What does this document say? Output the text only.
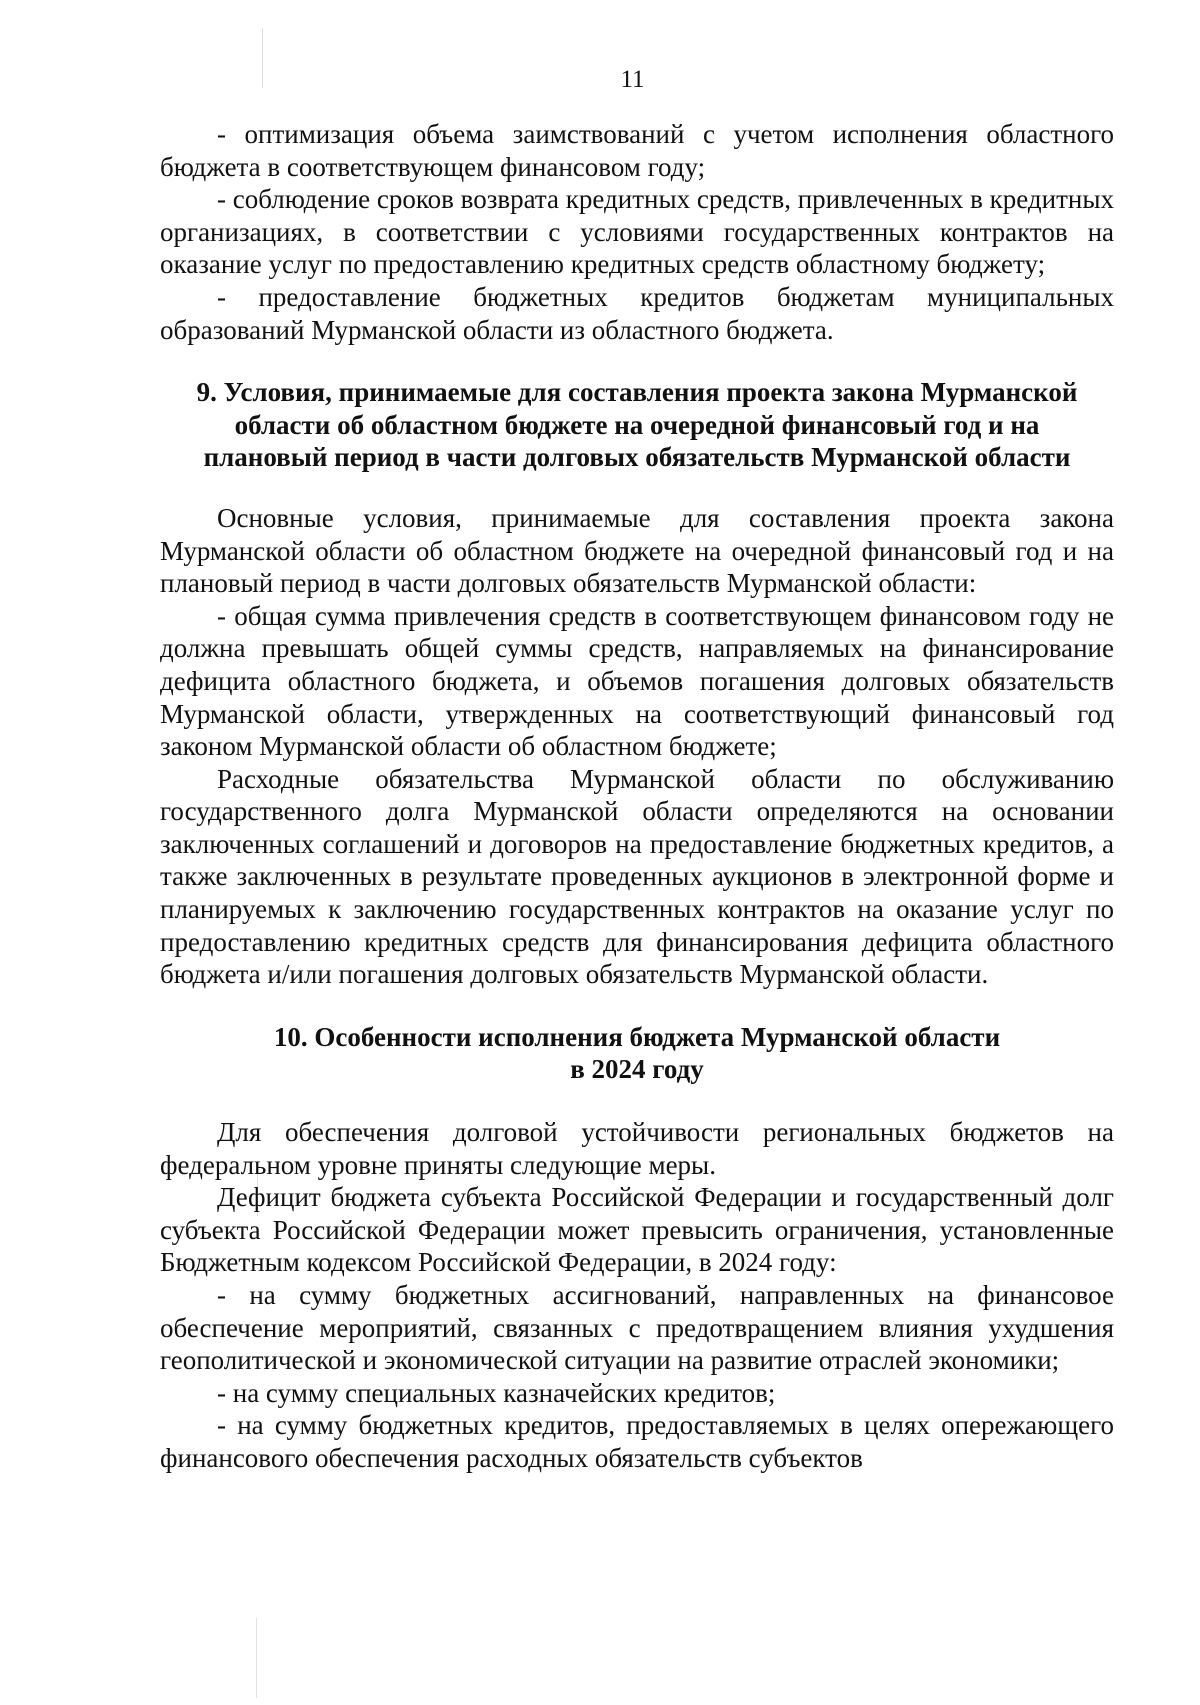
11

- оптимизация объема заимствований с учетом исполнения областного бюджета в соответствующем финансовом году;

- соблюдение сроков возврата кредитных средств, привлеченных в кредитных организациях, в соответствии с условиями государственных контрактов на оказание услуг по предоставлению кредитных средств областному бюджету;

- предоставление бюджетных кредитов бюджетам муниципальных образований Мурманской области из областного бюджета.

9. Условия, принимаемые для составления проекта закона Мурманской
области об областном бюджете на очередной финансовый год и на
плановый период в части долговых обязательств Мурманской области

Основные условия, принимаемые для составления проекта закона Мурманской области об областном бюджете на очередной финансовый год и на плановый период в части долговых обязательств Мурманской области:

- общая сумма привлечения средств в соответствующем финансовом году не должна превышать общей суммы средств, направляемых на финансирование дефицита областного бюджета, и объемов погашения долговых обязательств Мурманской области, утвержденных на соответствующий финансовый год законом Мурманской области об областном бюджете;

Расходные обязательства Мурманской области по обслуживанию государственного долга Мурманской области определяются на основании заключенных соглашений и договоров на предоставление бюджетных кредитов, а также заключенных в результате проведенных аукционов в электронной форме и планируемых к заключению государственных контрактов на оказание услуг по предоставлению кредитных средств для финансирования дефицита областного бюджета и/или погашения долговых обязательств Мурманской области.

10. Особенности исполнения бюджета Мурманской области
в 2024 году

Для обеспечения долговой устойчивости региональных бюджетов на федеральном уровне приняты следующие меры.

Дефицит бюджета субъекта Российской Федерации и государственный долг субъекта Российской Федерации может превысить ограничения, установленные Бюджетным кодексом Российской Федерации, в 2024 году:

- на сумму бюджетных ассигнований, направленных на финансовое обеспечение мероприятий, связанных с предотвращением влияния ухудшения геополитической и экономической ситуации на развитие отраслей экономики;

- на сумму специальных казначейских кредитов;

- на сумму бюджетных кредитов, предоставляемых в целях опережающего финансового обеспечения расходных обязательств субъектов
